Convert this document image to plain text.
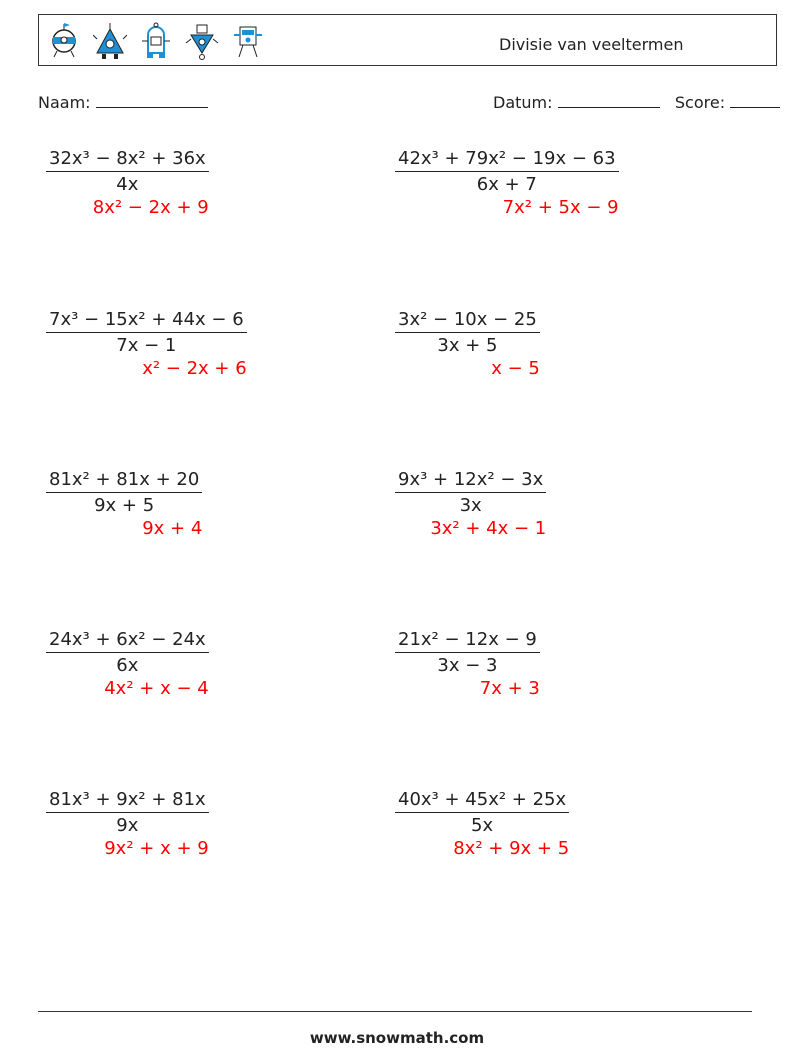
Divisie van veeltermen
Naam:	Datum:	Score:
$\frac{\text{32x³ − 8x² + 36x}}{4x}$
8x² − 2x + 9
$\frac{\text{42x³ + 79x² − 19x − 63}}{6x + 7}$
7x² + 5x − 9
$\frac{\text{7x³ − 15x² + 44x − 6}}{7x - 1}$
x² − 2x + 6
$\frac{\text{3x² − 10x − 25}}{3x + 5}$
x − 5
$\frac{\text{81x² + 81x + 20}}{9x + 5}$
9x + 4
$\frac{\text{9x³ + 12x² − 3x}}{3x}$
3x² + 4x − 1
$\frac{\text{24x³ + 6x² − 24x}}{6x}$
4x² + x − 4
$\frac{\text{21x² − 12x − 9}}{3x - 3}$
7x + 3
$\frac{\text{81x³ + 9x² + 81x}}{9x}$
9x² + x + 9
$\frac{\text{40x³ + 45x² + 25x}}{5x}$
8x² + 9x + 5
www.snowmath.com
